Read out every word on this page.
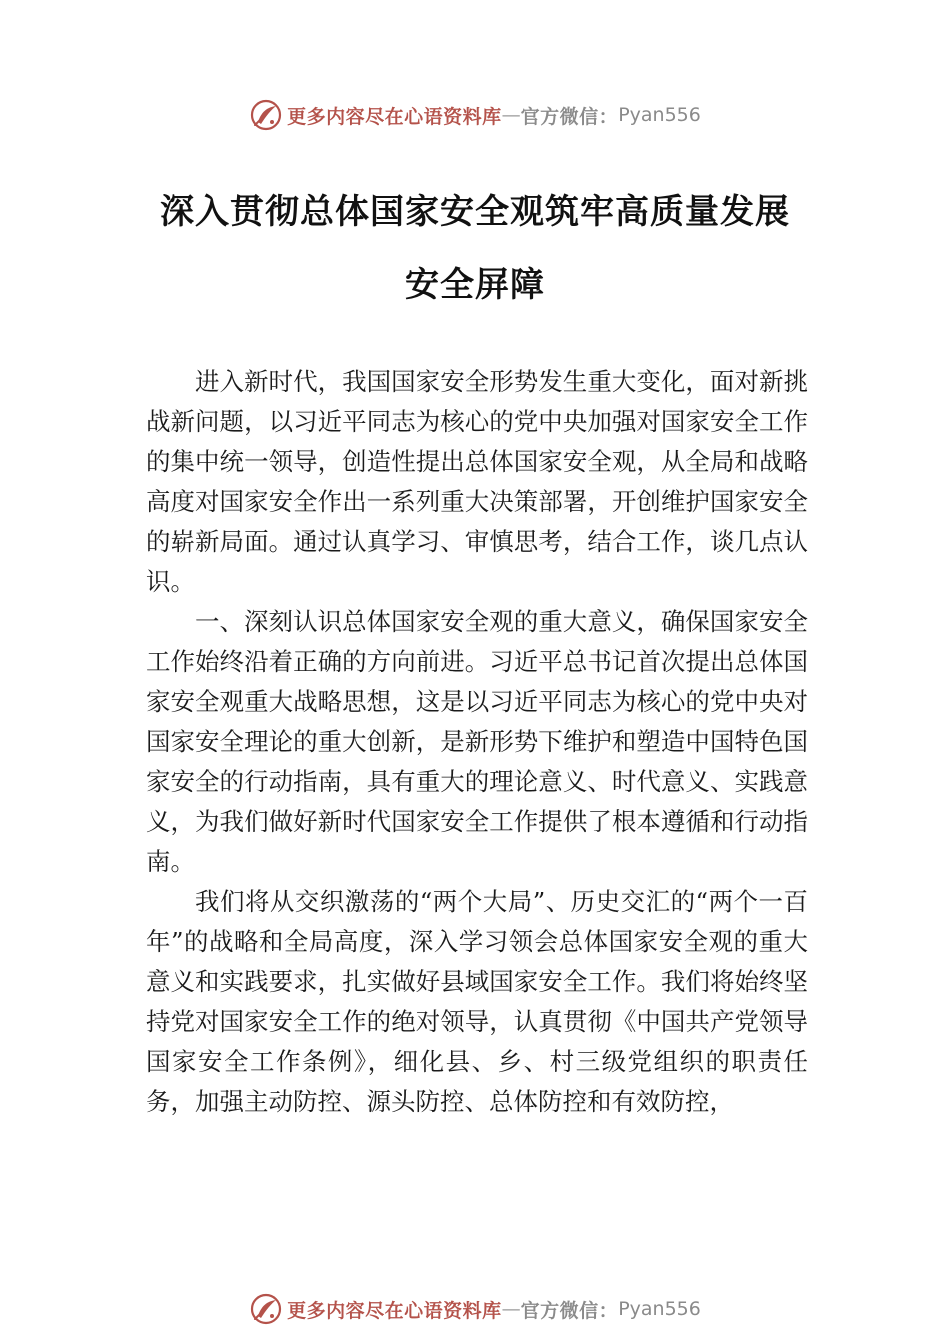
更多内容尽在心语资料库 — 官方微信： Pyan556
深入贯彻总体国家安全观筑牢高质量发展
安全屏障

进入新时代，我国国家安全形势发生重大变化，面对新挑战新问题，以习近平同志为核心的党中央加强对国家安全工作的集中统一领导，创造性提出总体国家安全观，从全局和战略高度对国家安全作出一系列重大决策部署，开创维护国家安全的崭新局面。通过认真学习、审慎思考，结合工作，谈几点认识。

一、深刻认识总体国家安全观的重大意义，确保国家安全工作始终沿着正确的方向前进。习近平总书记首次提出总体国家安全观重大战略思想，这是以习近平同志为核心的党中央对国家安全理论的重大创新，是新形势下维护和塑造中国特色国家安全的行动指南，具有重大的理论意义、时代意义、实践意义，为我们做好新时代国家安全工作提供了根本遵循和行动指南。

我们将从交织激荡的“两个大局”、历史交汇的“两个一百年”的战略和全局高度，深入学习领会总体国家安全观的重大意义和实践要求，扎实做好县域国家安全工作。我们将始终坚持党对国家安全工作的绝对领导，认真贯彻《中国共产党领导国家安全工作条例》，细化县、乡、村三级党组织的职责任务，加强主动防控、源头防控、总体防控和有效防控，

更多内容尽在心语资料库 — 官方微信： Pyan556
